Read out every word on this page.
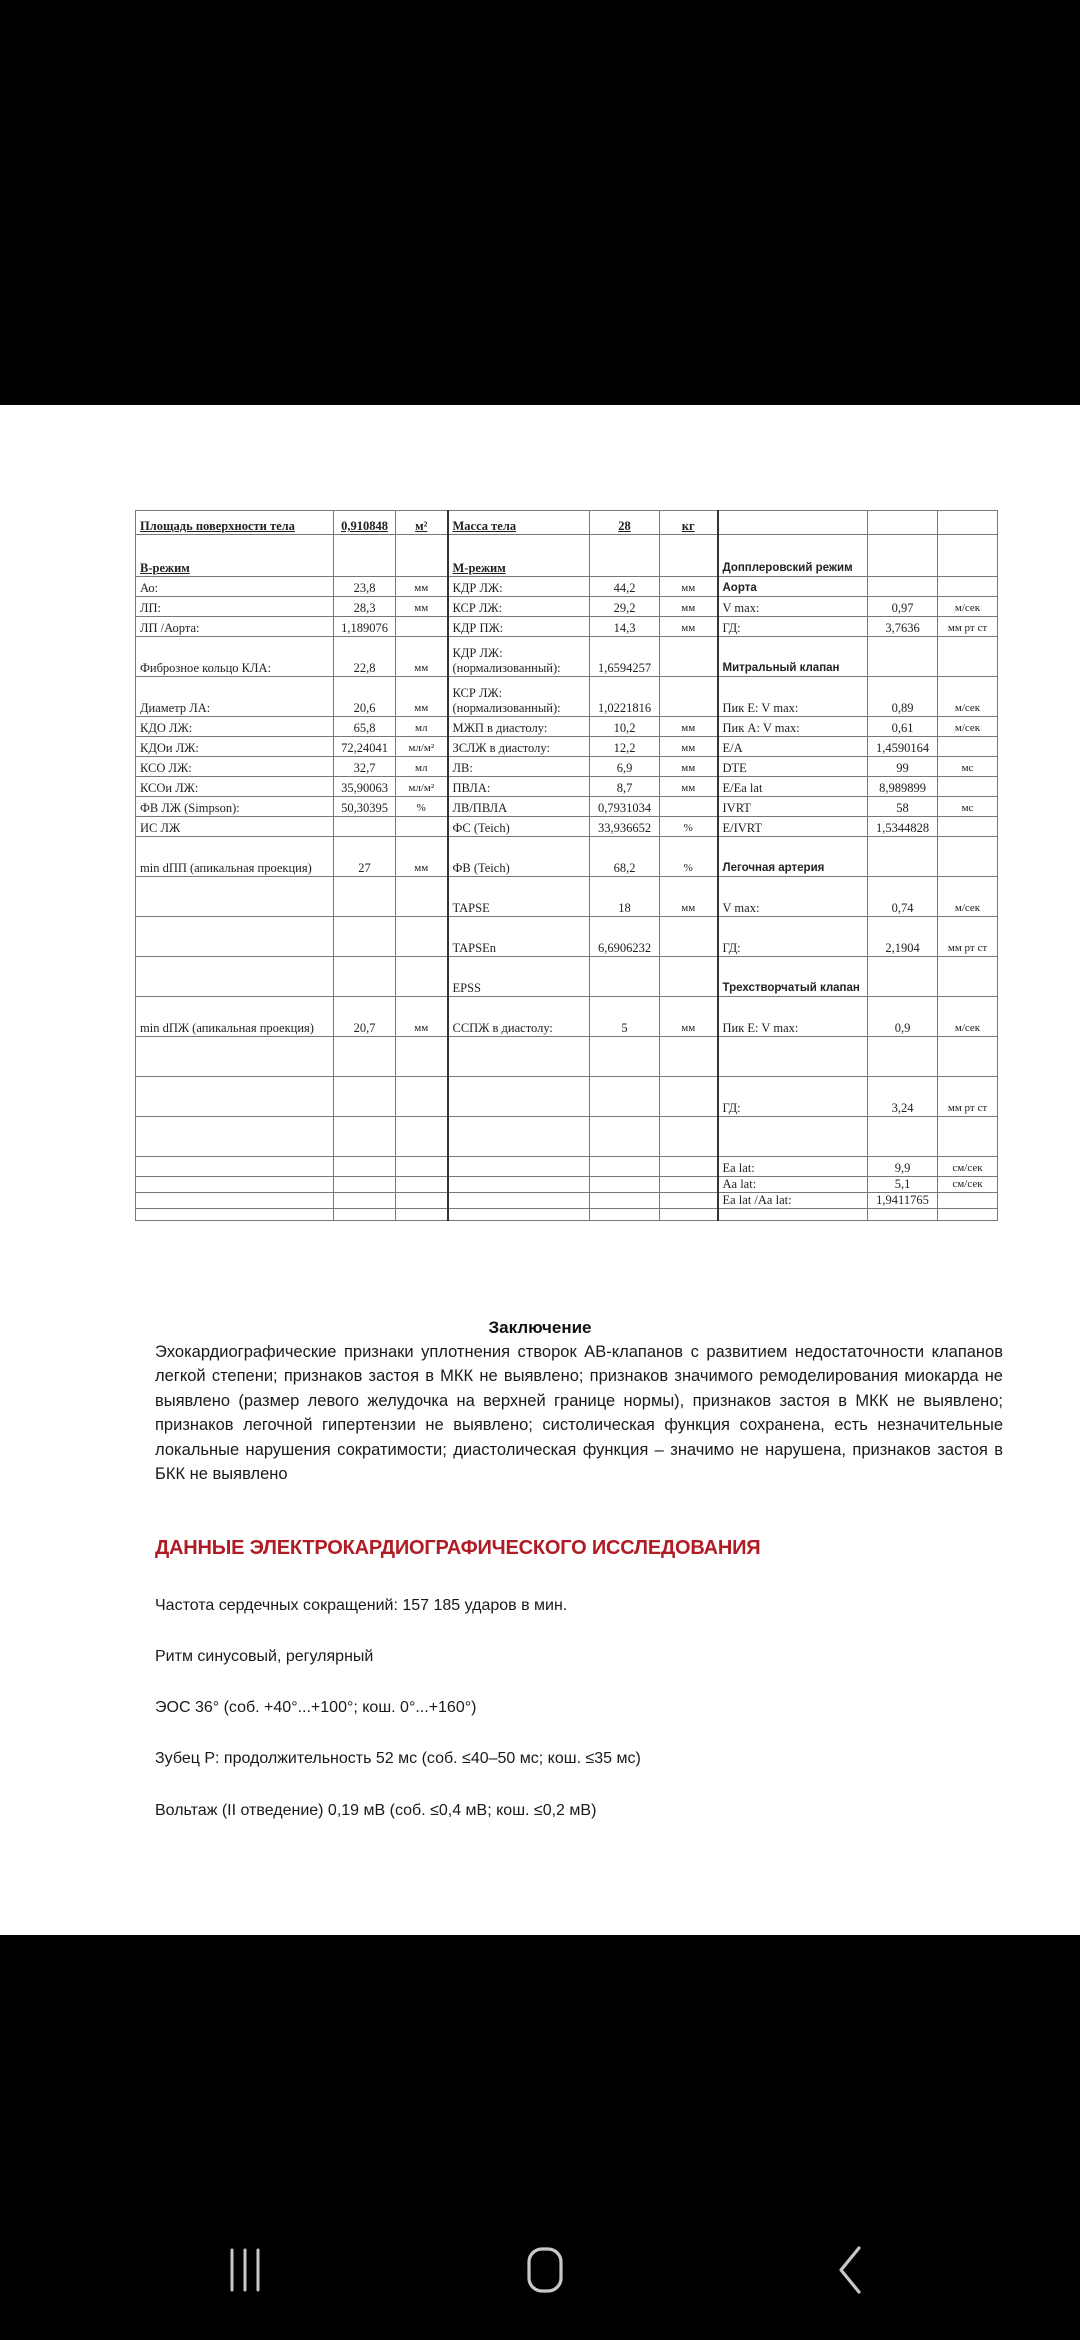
Площадь поверхности тела	0,910848	м²	Масса тела	28	кг			
В-режим			М-режим			Допплеровский режим		
Ао:	23,8	мм	КДР ЛЖ:	44,2	мм	Аорта		
ЛП:	28,3	мм	КСР ЛЖ:	29,2	мм	V max:	0,97	м/сек
ЛП /Аорта:	1,189076		КДР ПЖ:	14,3	мм	ГД:	3,7636	мм рт ст
Фиброзное кольцо КЛА:	22,8	мм	КДР ЛЖ: (нормализованный):	1,6594257		Митральный клапан		
Диаметр ЛА:	20,6	мм	КСР ЛЖ: (нормализованный):	1,0221816		Пик E: V max:	0,89	м/сек
КДО ЛЖ:	65,8	мл	МЖП в диастолу:	10,2	мм	Пик A: V max:	0,61	м/сек
КДОи ЛЖ:	72,24041	мл/м²	ЗСЛЖ в диастолу:	12,2	мм	E/A	1,4590164	
КСО ЛЖ:	32,7	мл	ЛВ:	6,9	мм	DTE	99	мс
КСОи ЛЖ:	35,90063	мл/м²	ПВЛА:	8,7	мм	E/Ea lat	8,989899	
ФВ ЛЖ (Simpson):	50,30395	%	ЛВ/ПВЛА	0,7931034		IVRT	58	мс
ИС ЛЖ			ФС (Teich)	33,936652	%	E/IVRT	1,5344828	
min dПП (апикальная проекция)	27	мм	ФВ (Teich)	68,2	%	Легочная артерия		
			TAPSE	18	мм	V max:	0,74	м/сек
			TAPSEn	6,6906232		ГД:	2,1904	мм рт ст
			EPSS			Трехстворчатый клапан		
min dПЖ (апикальная проекция)	20,7	мм	ССПЖ в диастолу:	5	мм	Пик E: V max:	0,9	м/сек

						ГД:	3,24	мм рт ст

						Ea lat:	9,9	см/сек
						Aa lat:	5,1	см/сек
						Ea lat /Aa lat:	1,9411765	

Заключение
Эхокардиографические признаки уплотнения створок АВ-клапанов с развитием недостаточности клапанов легкой степени; признаков застоя в МКК не выявлено; признаков значимого ремоделирования миокарда не выявлено (размер левого желудочка на верхней границе нормы), признаков застоя в МКК не выявлено; признаков легочной гипертензии не выявлено; систолическая функция сохранена, есть незначительные локальные нарушения сократимости; диастолическая функция – значимо не нарушена, признаков застоя в БКК не выявлено
ДАННЫЕ ЭЛЕКТРОКАРДИОГРАФИЧЕСКОГО ИССЛЕДОВАНИЯ
Частота сердечных сокращений: 157 185 ударов в мин.
Ритм синусовый, регулярный
ЭОС 36° (соб. +40°...+100°; кош. 0°...+160°)
Зубец P: продолжительность 52 мс (соб. ≤40–50 мс; кош. ≤35 мс)
Вольтаж (II отведение) 0,19 мВ (соб. ≤0,4 мВ; кош. ≤0,2 мВ)
